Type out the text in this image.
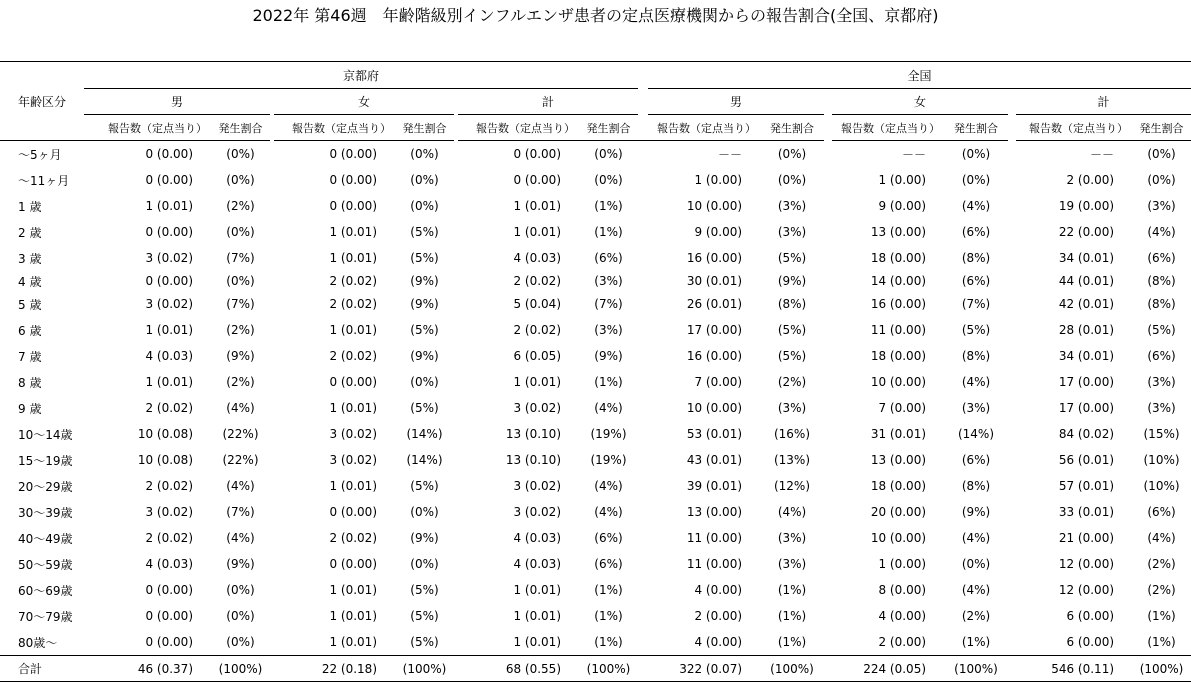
2022年 第46週　年齢階級別インフルエンザ患者の定点医療機関からの報告割合(全国、京都府)
年齢区分	京都府									全国							
	男			女			計			男			女			計	
	報告数（定点当り）	発生割合		報告数（定点当り）	発生割合		報告数（定点当り）	発生割合		報告数（定点当り）	発生割合		報告数（定点当り）	発生割合		報告数（定点当り）	発生割合
～5ヶ月	0 (0.00)	(0%)		0 (0.00)	(0%)		0 (0.00)	(0%)		－－	(0%)		－－	(0%)		－－	(0%)
～11ヶ月	0 (0.00)	(0%)		0 (0.00)	(0%)		0 (0.00)	(0%)		1 (0.00)	(0%)		1 (0.00)	(0%)		2 (0.00)	(0%)
1 歳	1 (0.01)	(2%)		0 (0.00)	(0%)		1 (0.01)	(1%)		10 (0.00)	(3%)		9 (0.00)	(4%)		19 (0.00)	(3%)
2 歳	0 (0.00)	(0%)		1 (0.01)	(5%)		1 (0.01)	(1%)		9 (0.00)	(3%)		13 (0.00)	(6%)		22 (0.00)	(4%)
3 歳	3 (0.02)	(7%)		1 (0.01)	(5%)		4 (0.03)	(6%)		16 (0.00)	(5%)		18 (0.00)	(8%)		34 (0.01)	(6%)
4 歳	0 (0.00)	(0%)		2 (0.02)	(9%)		2 (0.02)	(3%)		30 (0.01)	(9%)		14 (0.00)	(6%)		44 (0.01)	(8%)
5 歳	3 (0.02)	(7%)		2 (0.02)	(9%)		5 (0.04)	(7%)		26 (0.01)	(8%)		16 (0.00)	(7%)		42 (0.01)	(8%)
6 歳	1 (0.01)	(2%)		1 (0.01)	(5%)		2 (0.02)	(3%)		17 (0.00)	(5%)		11 (0.00)	(5%)		28 (0.01)	(5%)
7 歳	4 (0.03)	(9%)		2 (0.02)	(9%)		6 (0.05)	(9%)		16 (0.00)	(5%)		18 (0.00)	(8%)		34 (0.01)	(6%)
8 歳	1 (0.01)	(2%)		0 (0.00)	(0%)		1 (0.01)	(1%)		7 (0.00)	(2%)		10 (0.00)	(4%)		17 (0.00)	(3%)
9 歳	2 (0.02)	(4%)		1 (0.01)	(5%)		3 (0.02)	(4%)		10 (0.00)	(3%)		7 (0.00)	(3%)		17 (0.00)	(3%)
10～14歳	10 (0.08)	(22%)		3 (0.02)	(14%)		13 (0.10)	(19%)		53 (0.01)	(16%)		31 (0.01)	(14%)		84 (0.02)	(15%)
15～19歳	10 (0.08)	(22%)		3 (0.02)	(14%)		13 (0.10)	(19%)		43 (0.01)	(13%)		13 (0.00)	(6%)		56 (0.01)	(10%)
20～29歳	2 (0.02)	(4%)		1 (0.01)	(5%)		3 (0.02)	(4%)		39 (0.01)	(12%)		18 (0.00)	(8%)		57 (0.01)	(10%)
30～39歳	3 (0.02)	(7%)		0 (0.00)	(0%)		3 (0.02)	(4%)		13 (0.00)	(4%)		20 (0.00)	(9%)		33 (0.01)	(6%)
40～49歳	2 (0.02)	(4%)		2 (0.02)	(9%)		4 (0.03)	(6%)		11 (0.00)	(3%)		10 (0.00)	(4%)		21 (0.00)	(4%)
50～59歳	4 (0.03)	(9%)		0 (0.00)	(0%)		4 (0.03)	(6%)		11 (0.00)	(3%)		1 (0.00)	(0%)		12 (0.00)	(2%)
60～69歳	0 (0.00)	(0%)		1 (0.01)	(5%)		1 (0.01)	(1%)		4 (0.00)	(1%)		8 (0.00)	(4%)		12 (0.00)	(2%)
70～79歳	0 (0.00)	(0%)		1 (0.01)	(5%)		1 (0.01)	(1%)		2 (0.00)	(1%)		4 (0.00)	(2%)		6 (0.00)	(1%)
80歳～	0 (0.00)	(0%)		1 (0.01)	(5%)		1 (0.01)	(1%)		4 (0.00)	(1%)		2 (0.00)	(1%)		6 (0.00)	(1%)
合計	46 (0.37)	(100%)		22 (0.18)	(100%)		68 (0.55)	(100%)		322 (0.07)	(100%)		224 (0.05)	(100%)		546 (0.11)	(100%)
